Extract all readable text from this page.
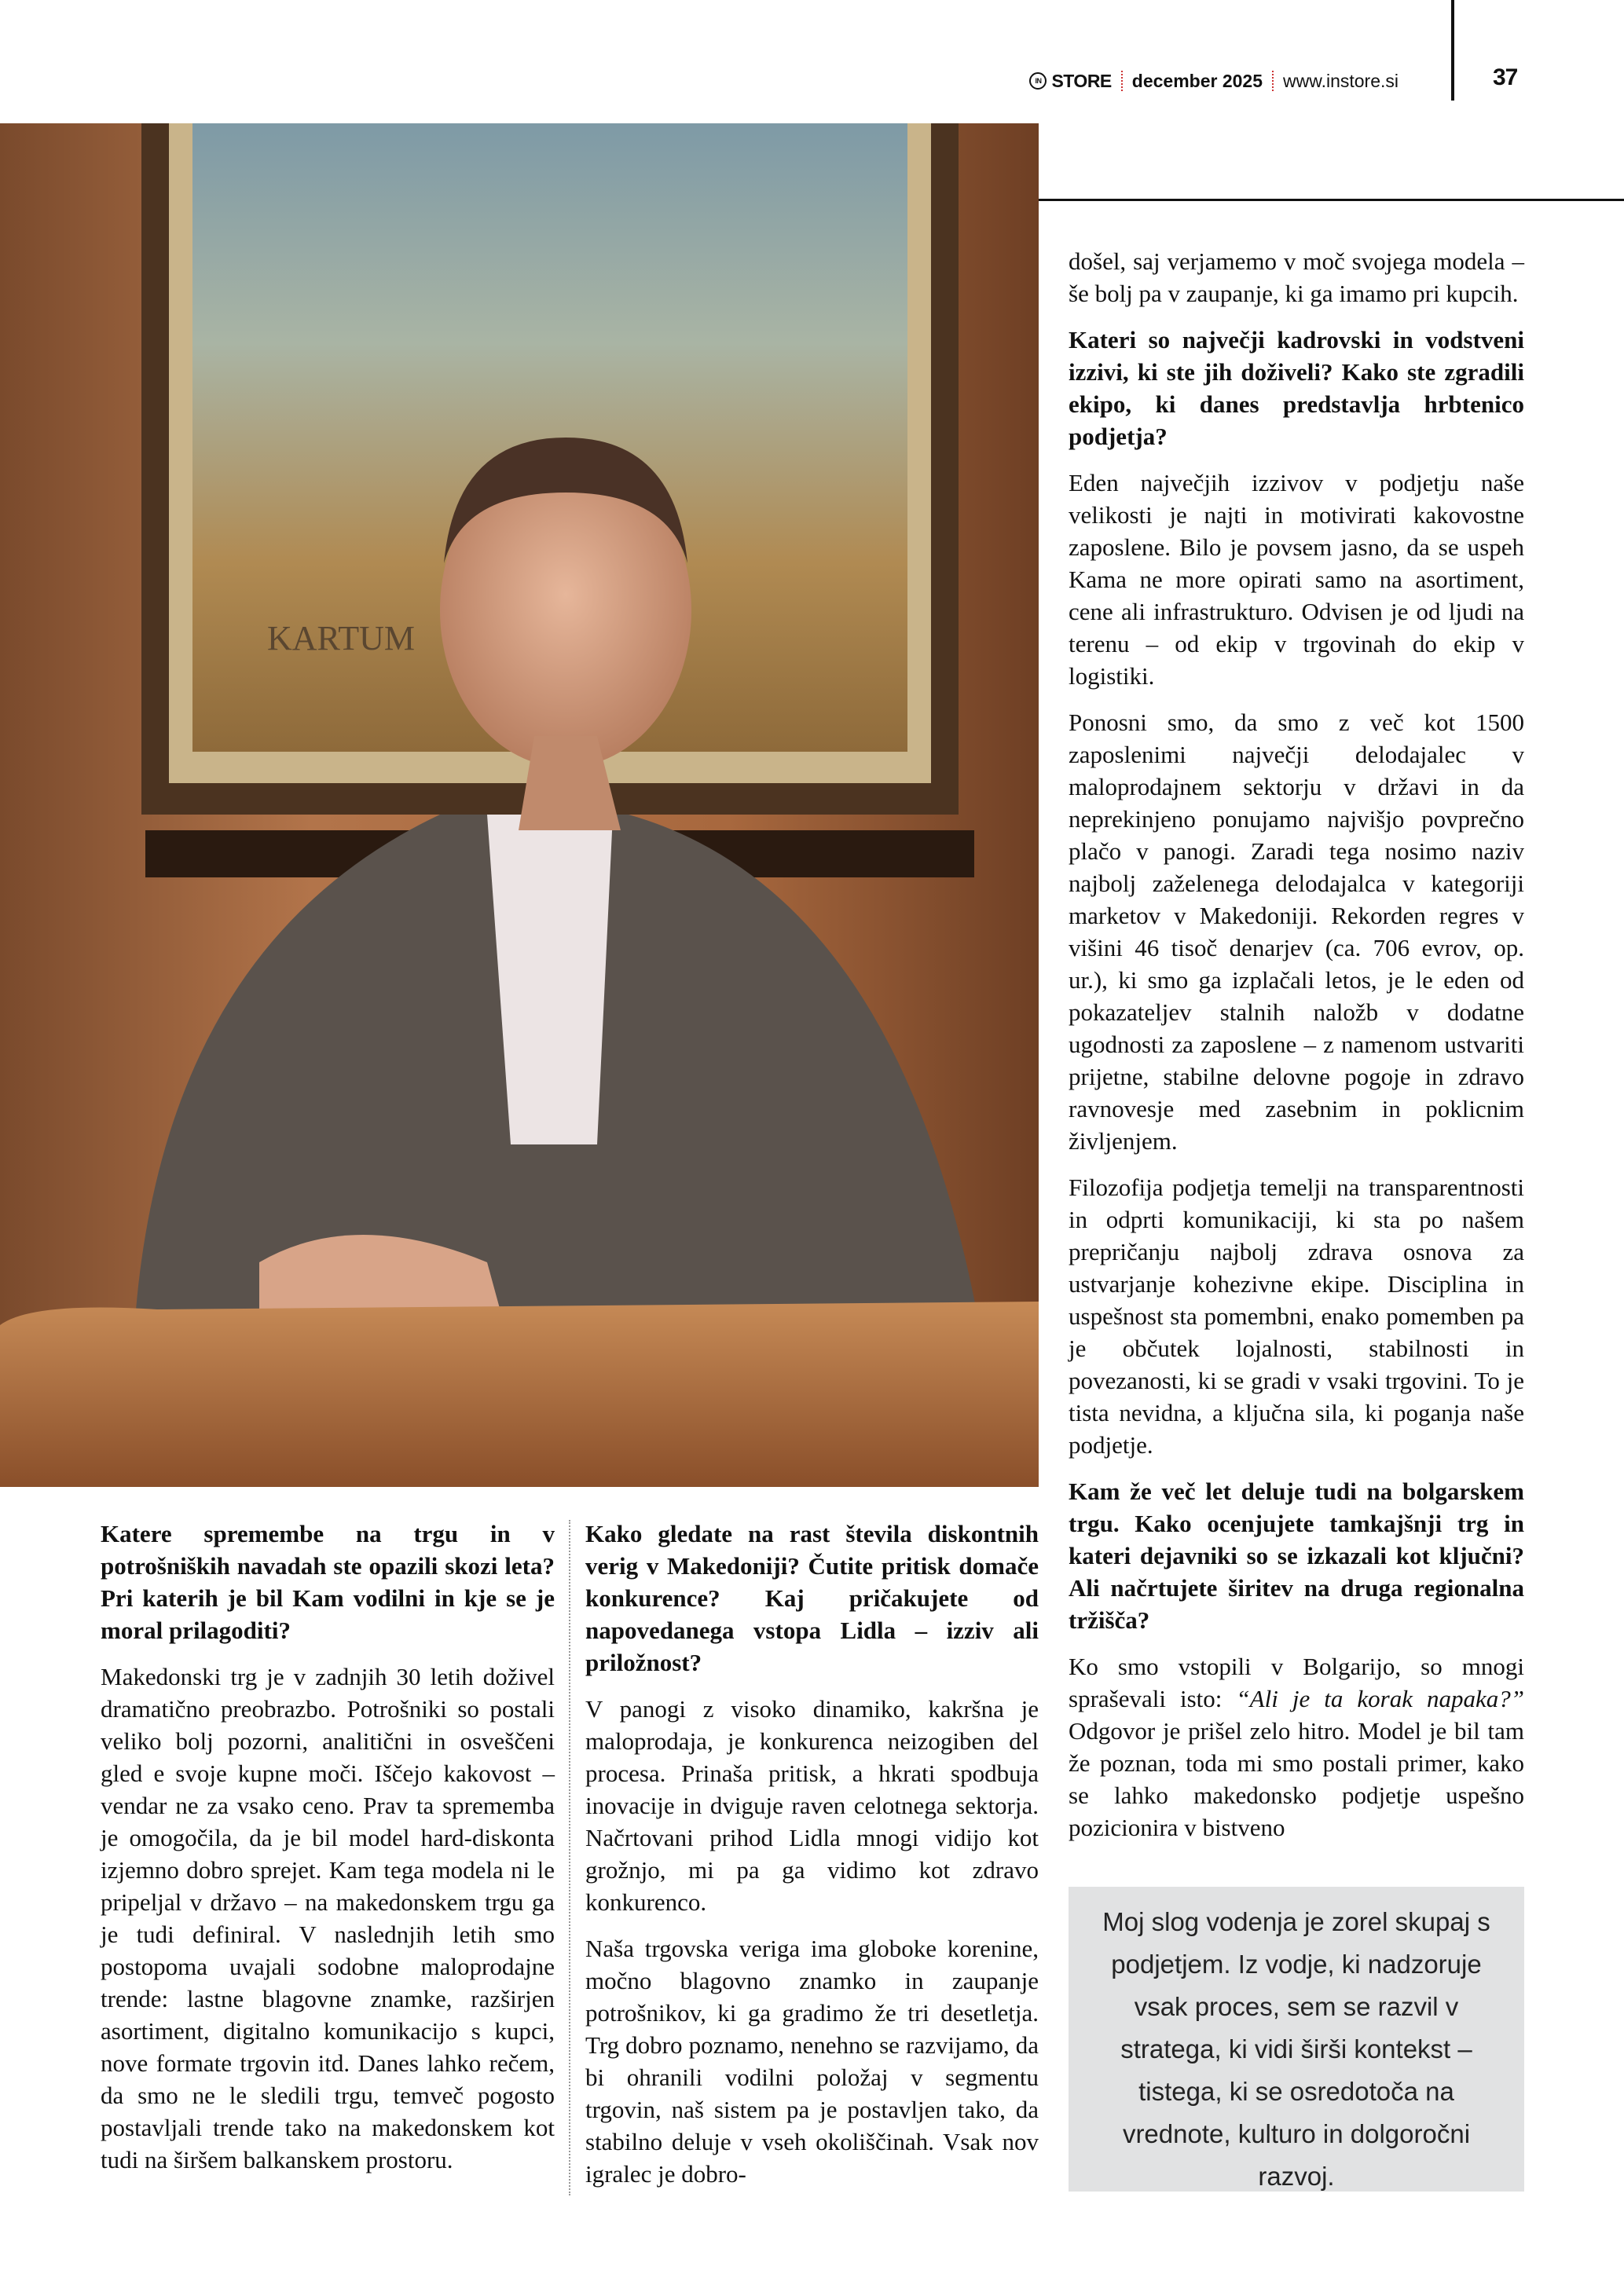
IN STORE december 2025 www.instore.si	37
KARTUM

došel, saj verjamemo v moč svojega modela – še bolj pa v zaupanje, ki ga imamo pri kupcih.

Kateri so največji kadrovski in vodstveni izzivi, ki ste jih doživeli? Kako ste zgradili ekipo, ki danes predstavlja hrbtenico podjetja?

Eden največjih izzivov v podjetju naše velikosti je najti in motivirati kakovostne zaposlene. Bilo je povsem jasno, da se uspeh Kama ne more opirati samo na asortiment, cene ali infrastrukturo. Odvisen je od ljudi na terenu – od ekip v trgovinah do ekip v logistiki.

Ponosni smo, da smo z več kot 1500 zaposlenimi največji delodajalec v maloprodajnem sektorju v državi in da neprekinjeno ponujamo najvišjo povprečno plačo v panogi. Zaradi tega nosimo naziv najbolj zaželenega delodajalca v kategoriji marketov v Makedoniji. Rekorden regres v višini 46 tisoč denarjev (ca. 706 evrov, op. ur.), ki smo ga izplačali letos, je le eden od pokazateljev stalnih naložb v dodatne ugodnosti za zaposlene – z namenom ustvariti prijetne, stabilne delovne pogoje in zdravo ravnovesje med zasebnim in poklicnim življenjem.

Filozofija podjetja temelji na transparentnosti in odprti komunikaciji, ki sta po našem prepričanju najbolj zdrava osnova za ustvarjanje kohezivne ekipe. Disciplina in uspešnost sta pomembni, enako pomemben pa je občutek lojalnosti, stabilnosti in povezanosti, ki se gradi v vsaki trgovini. To je tista nevidna, a ključna sila, ki poganja naše podjetje.

Kam že več let deluje tudi na bolgarskem trgu. Kako ocenjujete tamkajšnji trg in kateri dejavniki so se izkazali kot ključni? Ali načrtujete širitev na druga regionalna tržišča?

Ko smo vstopili v Bolgarijo, so mnogi spraševali isto: “Ali je ta korak napaka?” Odgovor je prišel zelo hitro. Model je bil tam že poznan, toda mi smo postali primer, kako se lahko makedonsko podjetje uspešno pozicionira v bistveno

Katere spremembe na trgu in v potrošniških navadah ste opazili skozi leta? Pri katerih je bil Kam vodilni in kje se je moral prilagoditi?

Makedonski trg je v zadnjih 30 letih doživel dramatično preobrazbo. Potrošniki so postali veliko bolj pozorni, analitični in osveščeni gled e svoje kupne moči. Iščejo kakovost – vendar ne za vsako ceno. Prav ta sprememba je omogočila, da je bil model hard-diskonta izjemno dobro sprejet. Kam tega modela ni le pripeljal v državo – na makedonskem trgu ga je tudi definiral. V naslednjih letih smo postopoma uvajali sodobne maloprodajne trende: lastne blagovne znamke, razširjen asortiment, digitalno komunikacijo s kupci, nove formate trgovin itd. Danes lahko rečem, da smo ne le sledili trgu, temveč pogosto postavljali trende tako na makedonskem kot tudi na širšem balkanskem prostoru.

Kako gledate na rast števila diskontnih verig v Makedoniji? Čutite pritisk domače konkurence? Kaj pričakujete od napovedanega vstopa Lidla – izziv ali priložnost?

V panogi z visoko dinamiko, kakršna je maloprodaja, je konkurenca neizogiben del procesa. Prinaša pritisk, a hkrati spodbuja inovacije in dviguje raven celotnega sektorja. Načrtovani prihod Lidla mnogi vidijo kot grožnjo, mi pa ga vidimo kot zdravo konkurenco.

Naša trgovska veriga ima globoke korenine, močno blagovno znamko in zaupanje potrošnikov, ki ga gradimo že tri desetletja. Trg dobro poznamo, nenehno se razvijamo, da bi ohranili vodilni položaj v segmentu trgovin, naš sistem pa je postavljen tako, da stabilno deluje v vseh okoliščinah. Vsak nov igralec je dobro-

Moj slog vodenja je zorel skupaj s podjetjem. Iz vodje, ki nadzoruje vsak proces, sem se razvil v stratega, ki vidi širši kontekst – tistega, ki se osredotoča na vrednote, kulturo in dolgoročni razvoj.
